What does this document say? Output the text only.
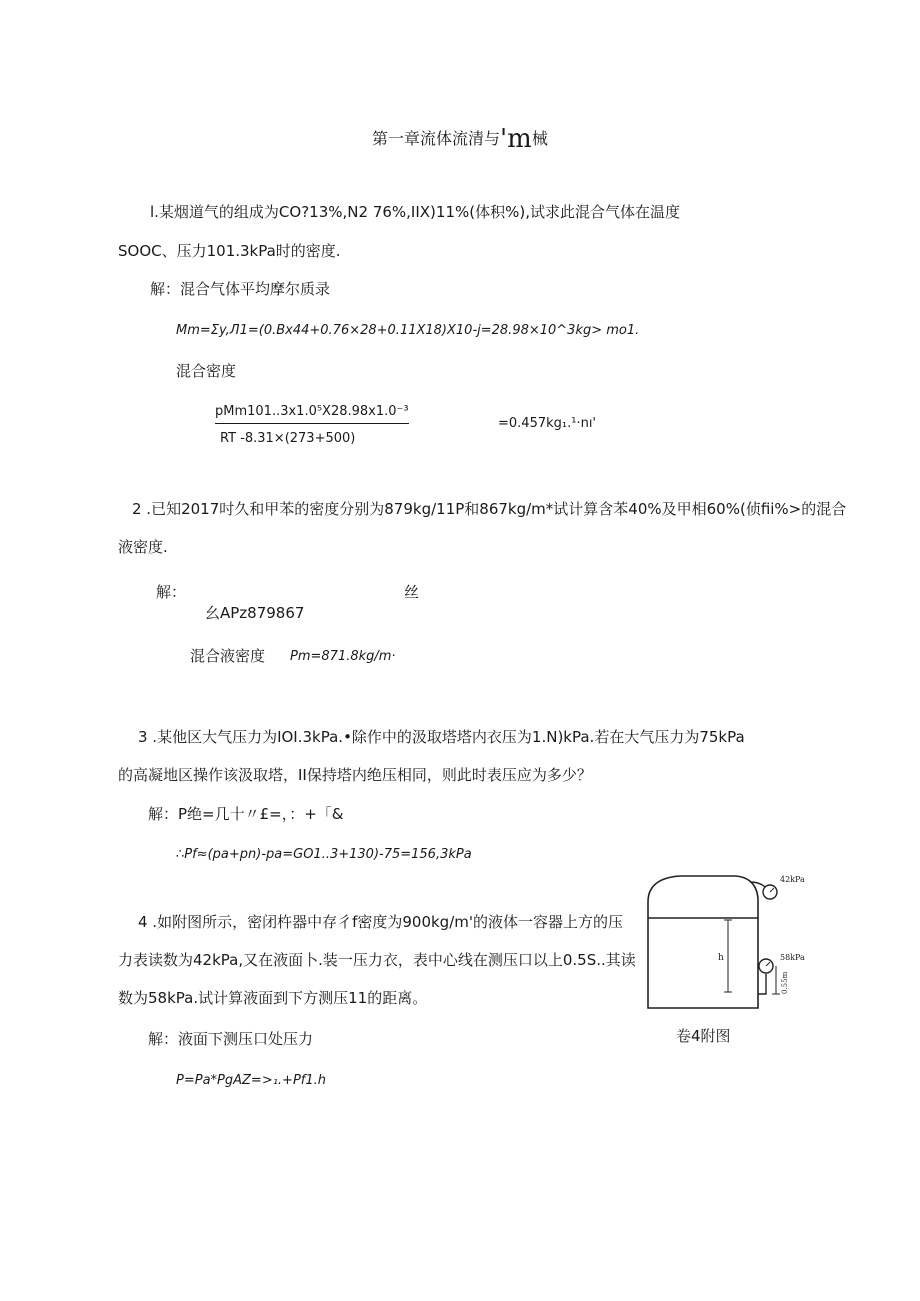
第一章流体流清与'm械
l.某烟道气的组成为CO?13%,N2 76%,IIX)11%(体积%),试求此混合气体在温度
SOOC、压力101.3kPa时的密度.
解：混合气体平均摩尔质录
Mm=Σy,Л1=(0.Bx44+0.76×28+0.11X18)X10-j=28.98×10^3kg> mo1.
混合密度
pMm101..3x1.0⁵X28.98x1.0⁻³
RT -8.31×(273+500)
=0.457kg₁.¹·nı'
2 .已知2017吋久和甲苯的密度分别为879kg/11P和867kg/m*试计算含苯40%及甲相60%(侦fii%>的混合
液密度.
解：	丝
幺APz879867
混合液密度 Pm=871.8kg/m·
3 .某他区大气压力为IOI.3kPa.•除作中的汲取塔塔内衣压为1.N)kPa.若在大气压力为75kPa
的高凝地区操作该汲取塔，II保持塔内绝压相同，则此时表压应为多少？
解：P绝=几十〃£=，：+「&
∴Pf≈(pa+pn)-pa=GO1..3+130)-75=156,3kPa
4 .如附图所示，密闭杵器中存彳f密度为900kg/m'的液体一容器上方的压
力表读数为42kPa,又在液面卜.装一压力衣，表中心线在测压口以上0.5S..其读
数为58kPa.试计算液面到下方测压11的距离。
解：液面下测压口处压力
P=Pa*PgAZ=>₁.+Pf1.h
42kPa
58kPa
h
0.55m
卷4附图
